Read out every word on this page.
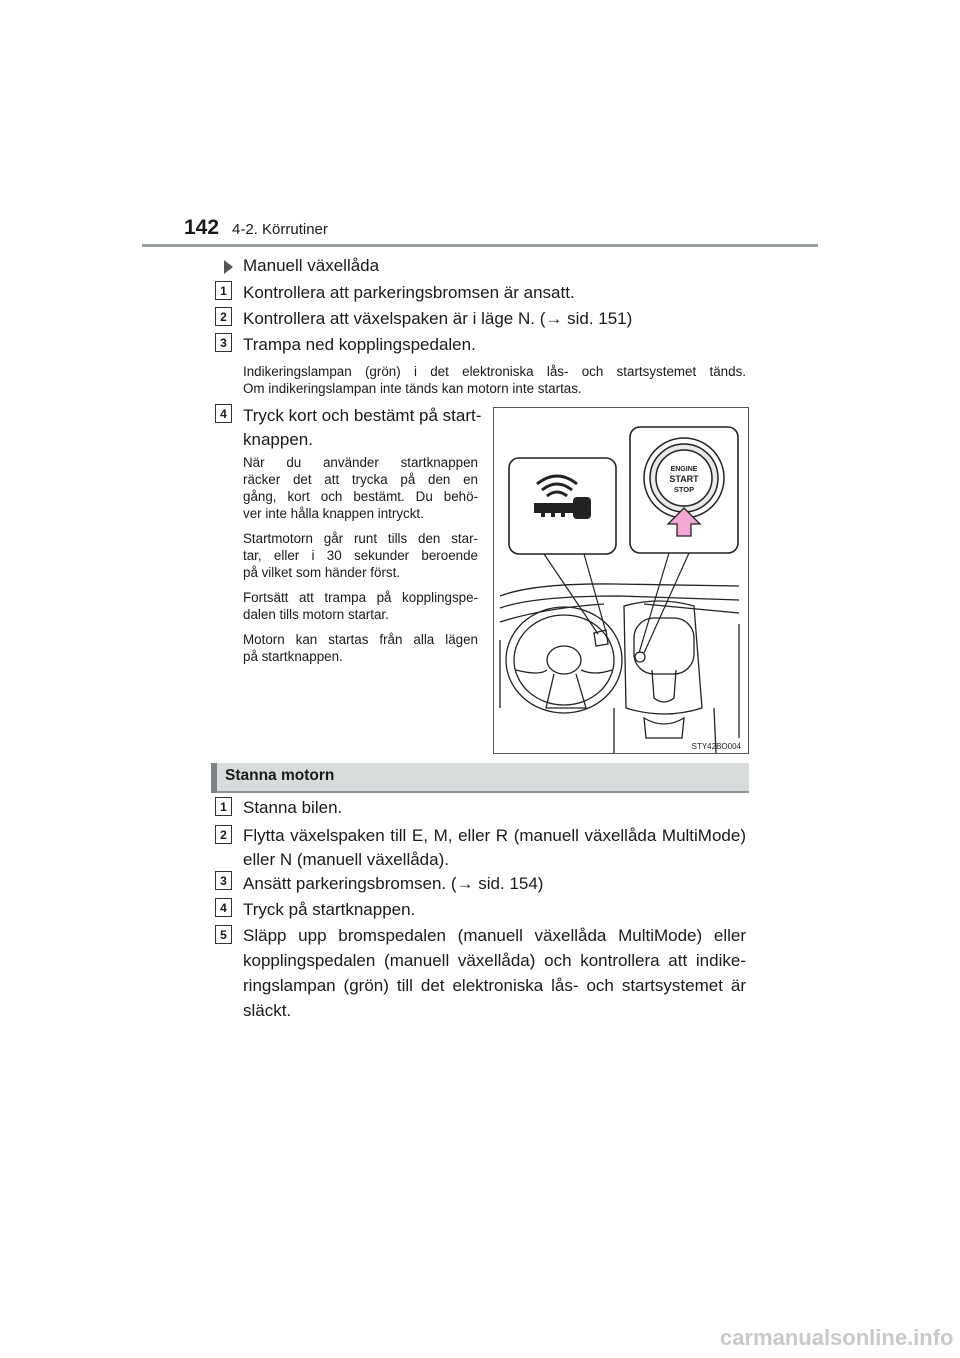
142 4-2. Körrutiner
Manuell växellåda
1 Kontrollera att parkeringsbromsen är ansatt.
2 Kontrollera att växelspaken är i läge N. (→ sid. 151)
3 Trampa ned kopplingspedalen.
Indikeringslampan (grön) i det elektroniska lås- och startsystemet tänds.
Om indikeringslampan inte tänds kan motorn inte startas.
4 Tryck kort och bestämt på start-
knappen.
När du använder startknappen
räcker det att trycka på den en
gång, kort och bestämt. Du behö-
ver inte hålla knappen intryckt.
Startmotorn går runt tills den star-
tar, eller i 30 sekunder beroende
på vilket som händer först.
Fortsätt att trampa på kopplingspe-
dalen tills motorn startar.
Motorn kan startas från alla lägen
på startknappen.
ENGINE
START
STOP
STY42BO004
Stanna motorn
1 Stanna bilen.
2 Flytta växelspaken till E, M, eller R (manuell växellåda MultiMode)
eller N (manuell växellåda).
3 Ansätt parkeringsbromsen. (→ sid. 154)
4 Tryck på startknappen.
5 Släpp upp bromspedalen (manuell växellåda MultiMode) eller
kopplingspedalen (manuell växellåda) och kontrollera att indike-
ringslampan (grön) till det elektroniska lås- och startsystemet är
släckt.
carmanualsonline.info
